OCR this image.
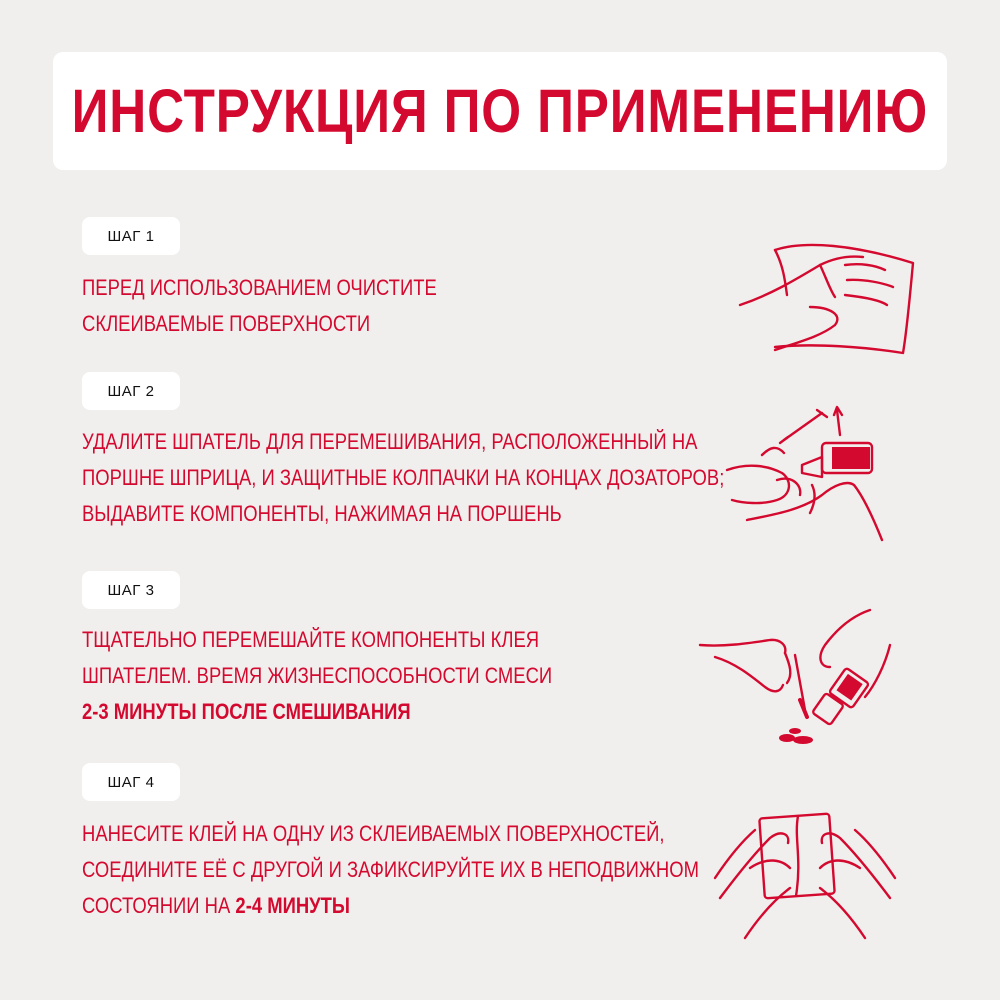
ИНСТРУКЦИЯ ПО ПРИМЕНЕНИЮ
ШАГ 1
ПЕРЕД ИСПОЛЬЗОВАНИЕМ ОЧИСТИТЕ
СКЛЕИВАЕМЫЕ ПОВЕРХНОСТИ
ШАГ 2
УДАЛИТЕ ШПАТЕЛЬ ДЛЯ ПЕРЕМЕШИВАНИЯ, РАСПОЛОЖЕННЫЙ НА
ПОРШНЕ ШПРИЦА, И ЗАЩИТНЫЕ КОЛПАЧКИ НА КОНЦАХ ДОЗАТОРОВ;
ВЫДАВИТЕ КОМПОНЕНТЫ, НАЖИМАЯ НА ПОРШЕНЬ
ШАГ 3
ТЩАТЕЛЬНО ПЕРЕМЕШАЙТЕ КОМПОНЕНТЫ КЛЕЯ
ШПАТЕЛЕМ. ВРЕМЯ ЖИЗНЕСПОСОБНОСТИ СМЕСИ
2-3 МИНУТЫ ПОСЛЕ СМЕШИВАНИЯ
ШАГ 4
НАНЕСИТЕ КЛЕЙ НА ОДНУ ИЗ СКЛЕИВАЕМЫХ ПОВЕРХНОСТЕЙ,
СОЕДИНИТЕ ЕЁ С ДРУГОЙ И ЗАФИКСИРУЙТЕ ИХ В НЕПОДВИЖНОМ
СОСТОЯНИИ НА 2-4 МИНУТЫ
